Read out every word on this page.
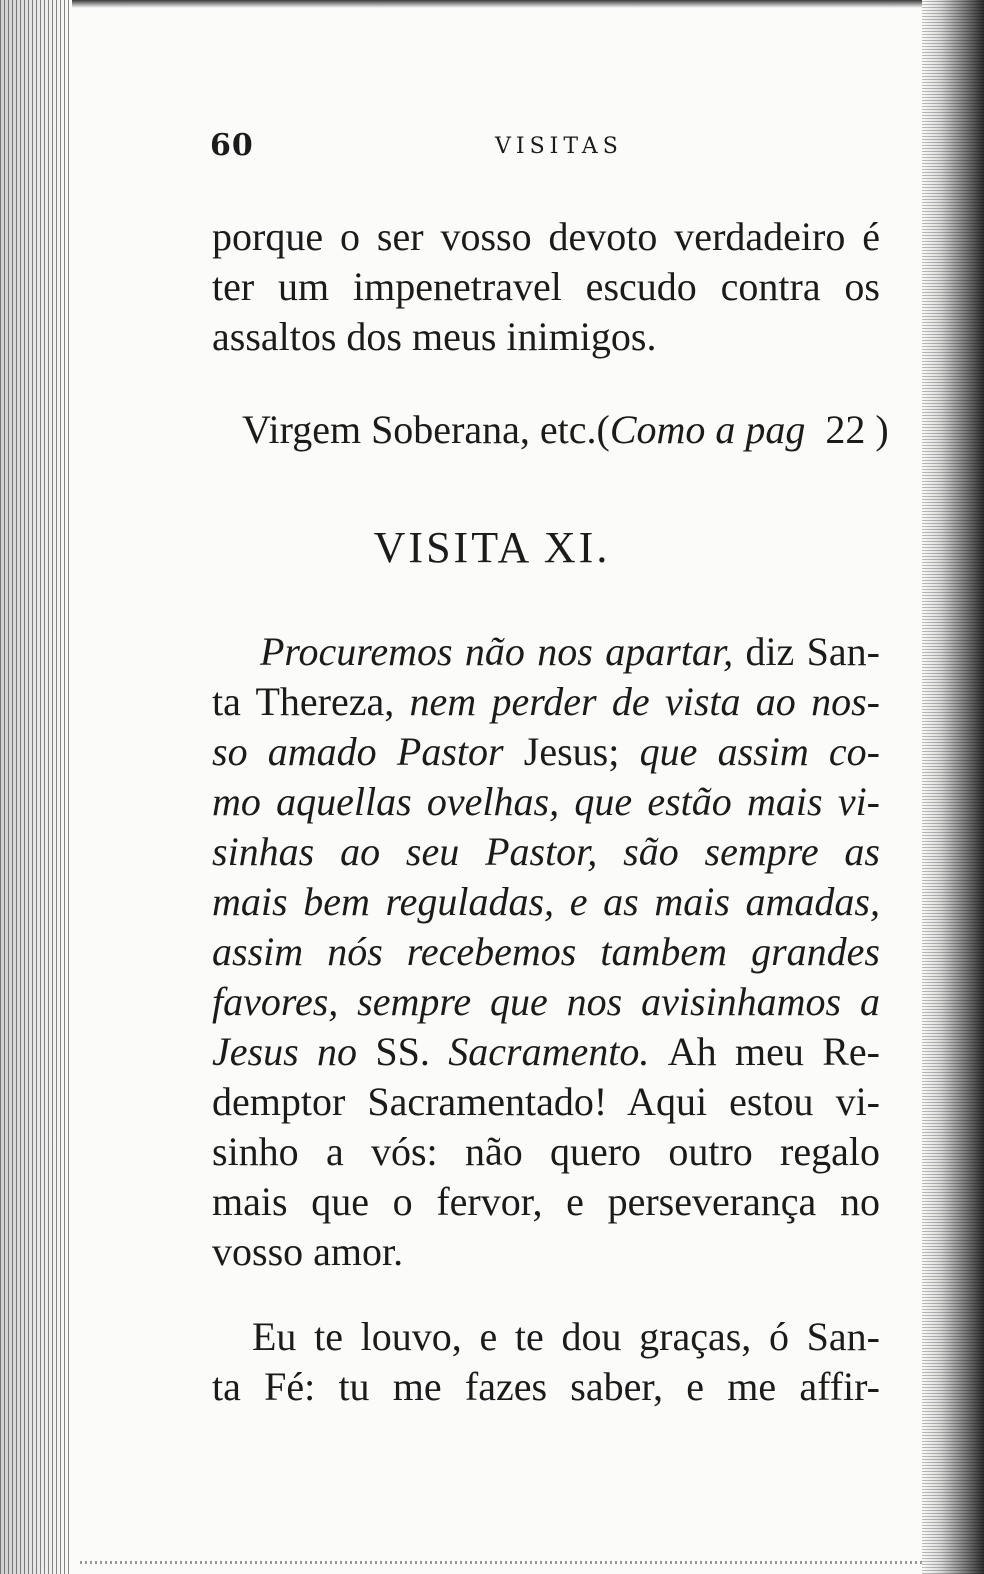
60	VISITAS
porque o ser vosso devoto verdadeiro é
ter um impenetravel escudo contra os
assaltos dos meus inimigos.
Virgem Soberana, etc.(Como a pag 22 )
VISITA XI.
Procuremos não nos apartar, diz San-
ta Thereza, nem perder de vista ao nos-
so amado Pastor Jesus; que assim co-
mo aquellas ovelhas, que estão mais vi-
sinhas ao seu Pastor, são sempre as
mais bem reguladas, e as mais amadas,
assim nós recebemos tambem grandes
favores, sempre que nos avisinhamos a
Jesus no SS. Sacramento. Ah meu Re-
demptor Sacramentado! Aqui estou vi-
sinho a vós: não quero outro regalo
mais que o fervor, e perseverança no
vosso amor.
Eu te louvo, e te dou graças, ó San-
ta Fé: tu me fazes saber, e me affir-
